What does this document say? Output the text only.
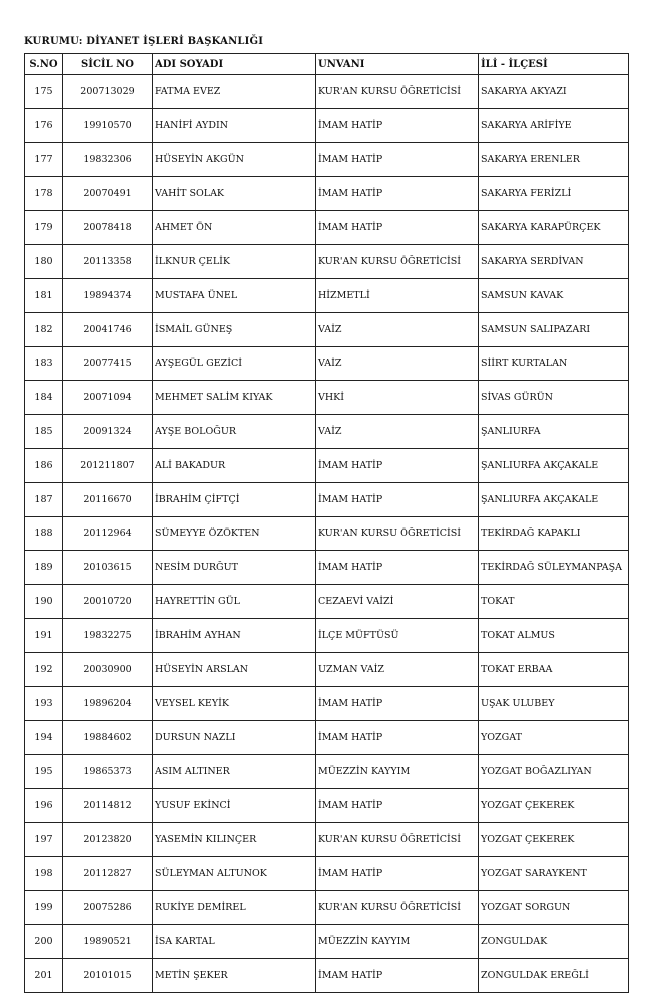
KURUMU: DİYANET İŞLERİ BAŞKANLIĞI
S.NO	SİCİL NO	ADI SOYADI	UNVANI	İLİ - İLÇESİ
175	200713029	FATMA EVEZ	KUR'AN KURSU ÖĞRETİCİSİ	SAKARYA AKYAZI
176	19910570	HANİFİ AYDIN	İMAM HATİP	SAKARYA ARİFİYE
177	19832306	HÜSEYİN AKGÜN	İMAM HATİP	SAKARYA ERENLER
178	20070491	VAHİT SOLAK	İMAM HATİP	SAKARYA FERİZLİ
179	20078418	AHMET ÖN	İMAM HATİP	SAKARYA KARAPÜRÇEK
180	20113358	İLKNUR ÇELİK	KUR'AN KURSU ÖĞRETİCİSİ	SAKARYA SERDİVAN
181	19894374	MUSTAFA ÜNEL	HİZMETLİ	SAMSUN KAVAK
182	20041746	İSMAİL GÜNEŞ	VAİZ	SAMSUN SALIPAZARI
183	20077415	AYŞEGÜL GEZİCİ	VAİZ	SİİRT KURTALAN
184	20071094	MEHMET SALİM KIYAK	VHKİ	SİVAS GÜRÜN
185	20091324	AYŞE BOLOĞUR	VAİZ	ŞANLIURFA
186	201211807	ALİ BAKADUR	İMAM HATİP	ŞANLIURFA AKÇAKALE
187	20116670	İBRAHİM ÇİFTÇİ	İMAM HATİP	ŞANLIURFA AKÇAKALE
188	20112964	SÜMEYYE ÖZÖKTEN	KUR'AN KURSU ÖĞRETİCİSİ	TEKİRDAĞ KAPAKLI
189	20103615	NESİM DURĞUT	İMAM HATİP	TEKİRDAĞ SÜLEYMANPAŞA
190	20010720	HAYRETTİN GÜL	CEZAEVİ VAİZİ	TOKAT
191	19832275	İBRAHİM AYHAN	İLÇE MÜFTÜSÜ	TOKAT ALMUS
192	20030900	HÜSEYİN ARSLAN	UZMAN VAİZ	TOKAT ERBAA
193	19896204	VEYSEL KEYİK	İMAM HATİP	UŞAK ULUBEY
194	19884602	DURSUN NAZLI	İMAM HATİP	YOZGAT
195	19865373	ASIM ALTINER	MÜEZZİN KAYYIM	YOZGAT BOĞAZLIYAN
196	20114812	YUSUF EKİNCİ	İMAM HATİP	YOZGAT ÇEKEREK
197	20123820	YASEMİN KILINÇER	KUR'AN KURSU ÖĞRETİCİSİ	YOZGAT ÇEKEREK
198	20112827	SÜLEYMAN ALTUNOK	İMAM HATİP	YOZGAT SARAYKENT
199	20075286	RUKİYE DEMİREL	KUR'AN KURSU ÖĞRETİCİSİ	YOZGAT SORGUN
200	19890521	İSA KARTAL	MÜEZZİN KAYYIM	ZONGULDAK
201	20101015	METİN ŞEKER	İMAM HATİP	ZONGULDAK EREĞLİ
